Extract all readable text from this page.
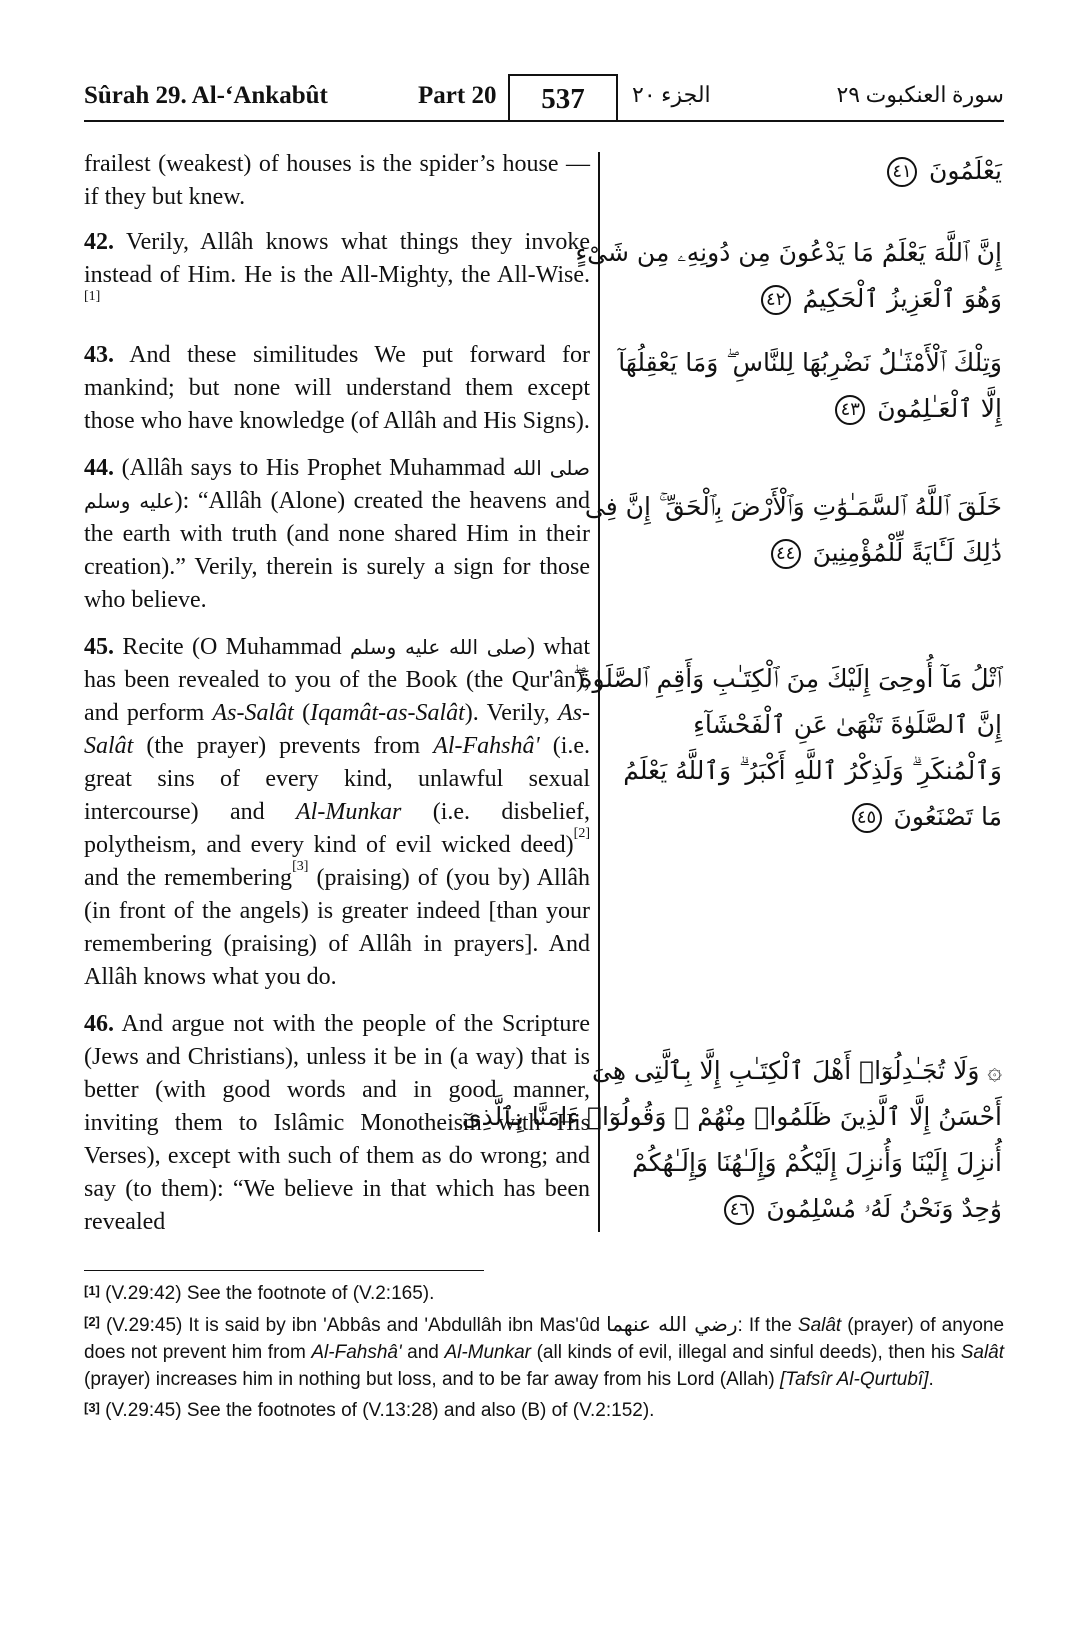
Sûrah 29. Al-‘Ankabût	Part 20	537	الجزء ٢٠	سورة العنكبوت ٢٩

frailest (weakest) of houses is the spider’s house — if they but knew.

42. Verily, Allâh knows what things they invoke instead of Him. He is the All-Mighty, the All-Wise.[1]

43. And these similitudes We put forward for mankind; but none will understand them except those who have knowledge (of Allâh and His Signs).

44. (Allâh says to His Prophet Muhammad صلى الله عليه وسلم): “Allâh (Alone) created the heavens and the earth with truth (and none shared Him in their creation).” Verily, therein is surely a sign for those who believe.

45. Recite (O Muhammad صلى الله عليه وسلم) what has been revealed to you of the Book (the Qur'ân), and perform As-Salât (Iqamât-as-Salât). Verily, As-Salât (the prayer) prevents from Al-Fahshâ' (i.e. great sins of every kind, unlawful sexual intercourse) and Al-Munkar (i.e. disbelief, polytheism, and every kind of evil wicked deed)[2] and the remembering[3] (praising) of (you by) Allâh (in front of the angels) is greater indeed [than your remembering (praising) of Allâh in prayers]. And Allâh knows what you do.

46. And argue not with the people of the Scripture (Jews and Christians), unless it be in (a way) that is better (with good words and in good manner, inviting them to Islâmic Monotheism with His Verses), except with such of them as do wrong; and say (to them): “We believe in that which has been revealed

يَعْلَمُونَ ٤١
إِنَّ ٱللَّهَ يَعْلَمُ مَا يَدْعُونَ مِن دُونِهِۦ مِن شَىْءٍ
وَهُوَ ٱلْعَزِيزُ ٱلْحَكِيمُ ٤٢
وَتِلْكَ ٱلْأَمْثَـٰلُ نَضْرِبُهَا لِلنَّاسِ ۖ وَمَا يَعْقِلُهَآ
إِلَّا ٱلْعَـٰلِمُونَ ٤٣
خَلَقَ ٱللَّهُ ٱلسَّمَـٰوَٰتِ وَٱلْأَرْضَ بِٱلْحَقِّ ۚ إِنَّ فِى
ذَٰلِكَ لَـَٔايَةً لِّلْمُؤْمِنِينَ ٤٤
ٱتْلُ مَآ أُوحِىَ إِلَيْكَ مِنَ ٱلْكِتَـٰبِ وَأَقِمِ ٱلصَّلَوٰةَ ۖ
إِنَّ ٱلصَّلَوٰةَ تَنْهَىٰ عَنِ ٱلْفَحْشَآءِ
وَٱلْمُنكَرِ ۗ وَلَذِكْرُ ٱللَّهِ أَكْبَرُ ۗ وَٱللَّهُ يَعْلَمُ
مَا تَصْنَعُونَ ٤٥
۞ وَلَا تُجَـٰدِلُوٓا۟ أَهْلَ ٱلْكِتَـٰبِ إِلَّا بِٱلَّتِى هِىَ
أَحْسَنُ إِلَّا ٱلَّذِينَ ظَلَمُوا۟ مِنْهُمْ ۖ وَقُولُوٓا۟ ءَامَنَّا بِٱلَّذِىٓ
أُنزِلَ إِلَيْنَا وَأُنزِلَ إِلَيْكُمْ وَإِلَـٰهُنَا وَإِلَـٰهُكُمْ
وَٰحِدٌ وَنَحْنُ لَهُۥ مُسْلِمُونَ ٤٦

[1] (V.29:42) See the footnote of (V.2:165).

[2] (V.29:45) It is said by ibn 'Abbâs and 'Abdullâh ibn Mas'ûd رضي الله عنهما: If the Salât (prayer) of anyone does not prevent him from Al-Fahshâ' and Al-Munkar (all kinds of evil, illegal and sinful deeds), then his Salât (prayer) increases him in nothing but loss, and to be far away from his Lord (Allah) [Tafsîr Al-Qurtubî].

[3] (V.29:45) See the footnotes of (V.13:28) and also (B) of (V.2:152).
